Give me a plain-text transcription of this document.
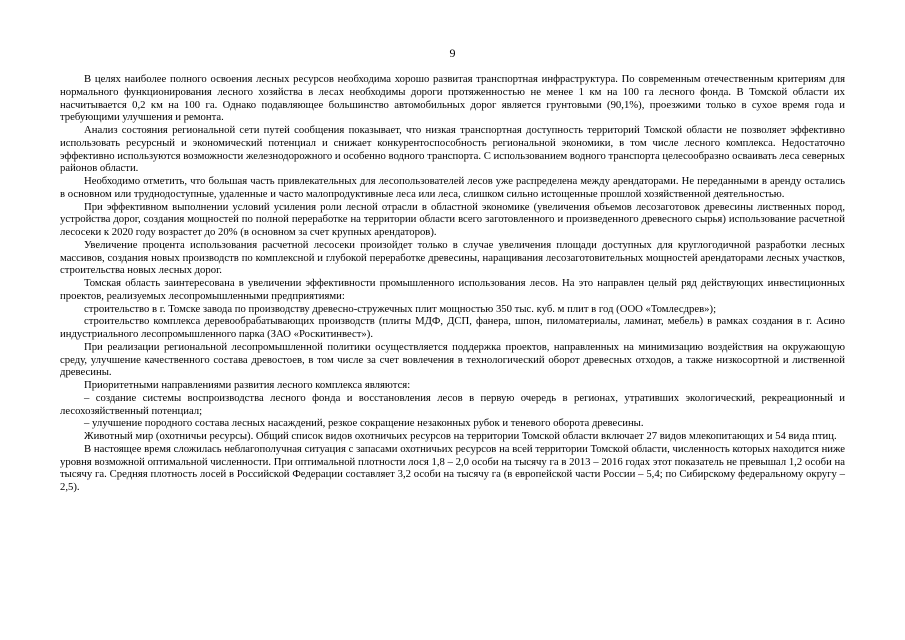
9

В целях наиболее полного освоения лесных ресурсов необходима хорошо развитая транспортная инфраструктура. По современным отечественным критериям для нормального функционирования лесного хозяйства в лесах необходимы дороги протяженностью не менее 1 км на 100 га лесного фонда. В Томской области их насчитывается 0,2 км на 100 га. Однако подавляющее большинство автомобильных дорог является грунтовыми (90,1%), проезжими только в сухое время года и требующими улучшения и ремонта.

Анализ состояния региональной сети путей сообщения показывает, что низкая транспортная доступность территорий Томской области не позволяет эффективно использовать ресурсный и экономический потенциал и снижает конкурентоспособность региональной экономики, в том числе лесного комплекса. Недостаточно эффективно используются возможности железнодорожного и особенно водного транспорта. С использованием водного транспорта целесообразно осваивать леса северных районов области.

Необходимо отметить, что большая часть привлекательных для лесопользователей лесов уже распределена между арендаторами. Не переданными в аренду остались в основном или труднодоступные, удаленные и часто малопродуктивные леса или леса, слишком сильно истощенные прошлой хозяйственной деятельностью.

При эффективном выполнении условий усиления роли лесной отрасли в областной экономике (увеличения объемов лесозаготовок древесины лиственных пород, устройства дорог, создания мощностей по полной переработке на территории области всего заготовленного и произведенного древесного сырья) использование расчетной лесосеки к 2020 году возрастет до 20% (в основном за счет крупных арендаторов).

Увеличение процента использования расчетной лесосеки произойдет только в случае увеличения площади доступных для круглогодичной разработки лесных массивов, создания новых производств по комплексной и глубокой переработке древесины, наращивания лесозаготовительных мощностей арендаторами лесных участков, строительства новых лесных дорог.

Томская область заинтересована в увеличении эффективности промышленного использования лесов. На это направлен целый ряд действующих инвестиционных проектов, реализуемых лесопромышленными предприятиями:

строительство в г. Томске завода по производству древесно-стружечных плит мощностью 350 тыс. куб. м плит в год (ООО «Томлесдрев»);

строительство комплекса деревообрабатывающих производств (плиты МДФ, ДСП, фанера, шпон, пиломатериалы, ламинат, мебель) в рамках создания в г. Асино индустриального лесопромышленного парка (ЗАО «Роскитинвест»).

При реализации региональной лесопромышленной политики осуществляется поддержка проектов, направленных на минимизацию воздействия на окружающую среду, улучшение качественного состава древостоев, в том числе за счет вовлечения в технологический оборот древесных отходов, а также низкосортной и лиственной древесины.

Приоритетными направлениями развития лесного комплекса являются:

– создание системы воспроизводства лесного фонда и восстановления лесов в первую очередь в регионах, утративших экологический, рекреационный и лесохозяйственный потенциал;

– улучшение породного состава лесных насаждений, резкое сокращение незаконных рубок и теневого оборота древесины.

Животный мир (охотничьи ресурсы). Общий список видов охотничьих ресурсов на территории Томской области включает 27 видов млекопитающих и 54 вида птиц.

В настоящее время сложилась неблагополучная ситуация с запасами охотничьих ресурсов на всей территории Томской области, численность которых находится ниже уровня возможной оптимальной численности. При оптимальной плотности лося 1,8 – 2,0 особи на тысячу га в 2013 – 2016 годах этот показатель не превышал 1,2 особи на тысячу га. Средняя плотность лосей в Российской Федерации составляет 3,2 особи на тысячу га (в европейской части России – 5,4; по Сибирскому федеральному округу – 2,5).
